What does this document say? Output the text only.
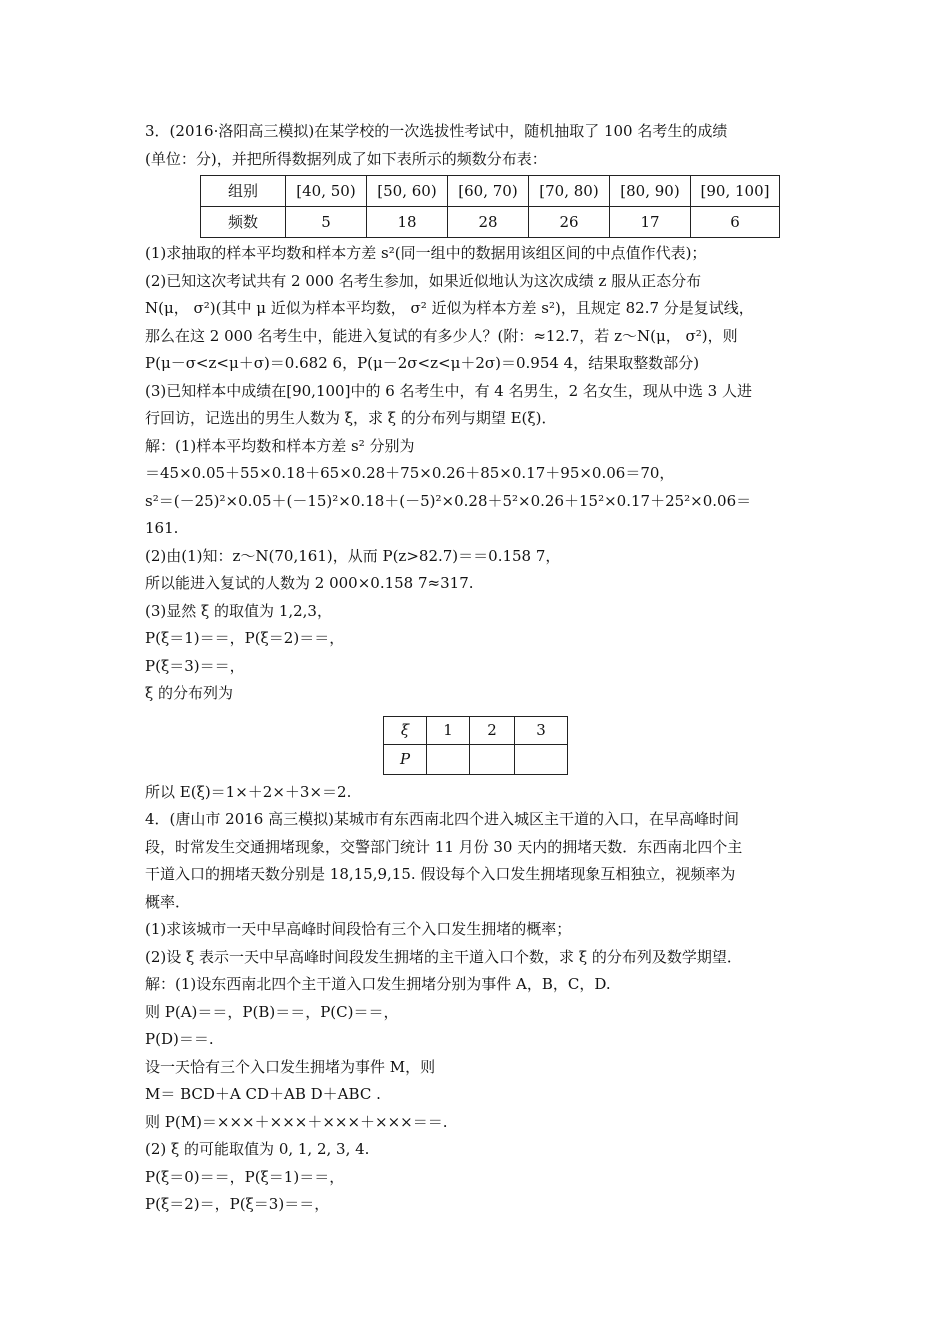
3．(2016·洛阳高三模拟)在某学校的一次选拔性考试中，随机抽取了 100 名考生的成绩
(单位：分)，并把所得数据列成了如下表所示的频数分布表：
组别	[40, 50)	[50, 60)	[60, 70)	[70, 80)	[80, 90)	[90, 100]
频数	5	18	28	26	17	6
(1)求抽取的样本平均数和样本方差 s²(同一组中的数据用该组区间的中点值作代表)；
(2)已知这次考试共有 2 000 名考生参加，如果近似地认为这次成绩 z 服从正态分布
N(μ， σ²)(其中 μ 近似为样本平均数， σ² 近似为样本方差 s²)，且规定 82.7 分是复试线，
那么在这 2 000 名考生中，能进入复试的有多少人？(附：≈12.7，若 z～N(μ， σ²)，则
P(μ－σ<z<μ＋σ)＝0.682 6，P(μ－2σ<z<μ＋2σ)＝0.954 4，结果取整数部分)
(3)已知样本中成绩在[90,100]中的 6 名考生中，有 4 名男生，2 名女生，现从中选 3 人进
行回访，记选出的男生人数为 ξ，求 ξ 的分布列与期望 E(ξ)．
解：(1)样本平均数和样本方差 s² 分别为
＝45×0.05＋55×0.18＋65×0.28＋75×0.26＋85×0.17＋95×0.06＝70，
s²＝(－25)²×0.05＋(－15)²×0.18＋(－5)²×0.28＋5²×0.26＋15²×0.17＋25²×0.06＝
161.
(2)由(1)知：z～N(70,161)，从而 P(z>82.7)＝＝0.158 7，
所以能进入复试的人数为 2 000×0.158 7≈317.
(3)显然 ξ 的取值为 1,2,3，
P(ξ＝1)＝＝，P(ξ＝2)＝＝，
P(ξ＝3)＝＝，
ξ 的分布列为
ξ	1	2	3
P			
所以 E(ξ)＝1×＋2×＋3×＝2.
4．(唐山市 2016 高三模拟)某城市有东西南北四个进入城区主干道的入口，在早高峰时间
段，时常发生交通拥堵现象，交警部门统计 11 月份 30 天内的拥堵天数．东西南北四个主
干道入口的拥堵天数分别是 18,15,9,15. 假设每个入口发生拥堵现象互相独立，视频率为
概率．
(1)求该城市一天中早高峰时间段恰有三个入口发生拥堵的概率；
(2)设 ξ 表示一天中早高峰时间段发生拥堵的主干道入口个数，求 ξ 的分布列及数学期望．
解：(1)设东西南北四个主干道入口发生拥堵分别为事件 A，B，C，D.
则 P(A)＝＝，P(B)＝＝，P(C)＝＝，
P(D)＝＝.
设一天恰有三个入口发生拥堵为事件 M，则
M＝ BCD＋A CD＋AB D＋ABC .
则 P(M)＝×××＋×××＋×××＋×××＝＝.
(2) ξ 的可能取值为 0, 1, 2, 3, 4.
P(ξ＝0)＝＝，P(ξ＝1)＝＝，
P(ξ＝2)＝，P(ξ＝3)＝＝，
